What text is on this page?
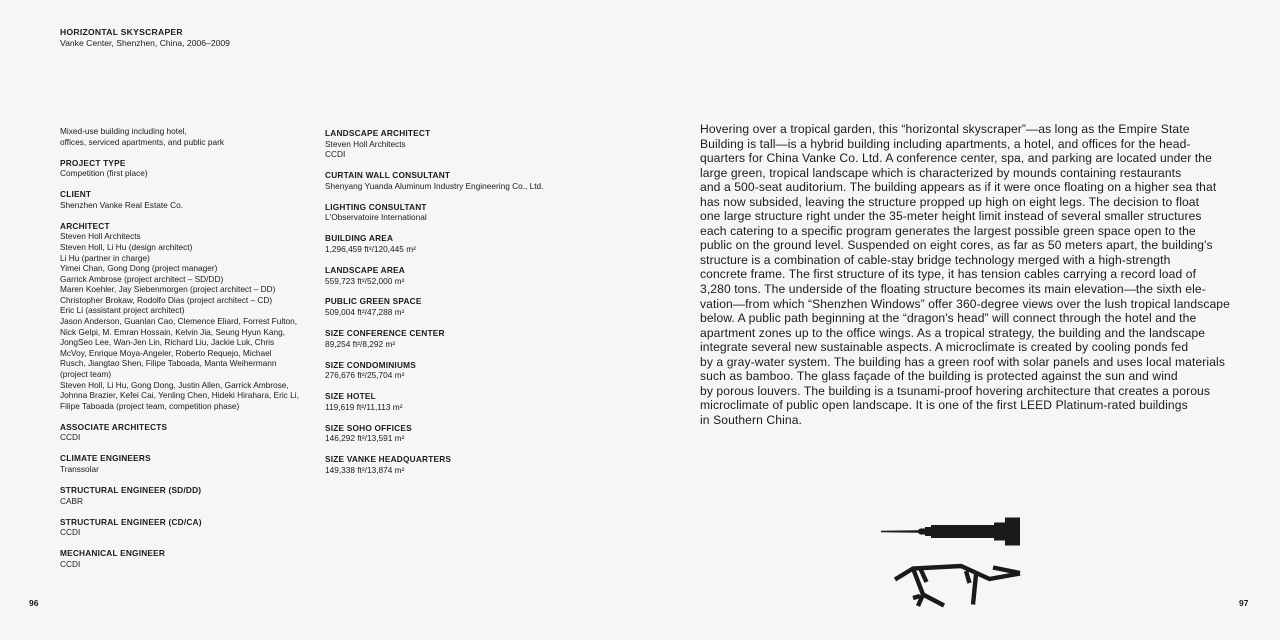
HORIZONTAL SKYSCRAPER
Vanke Center, Shenzhen, China, 2006–2009
Mixed-use building including hotel,
offices, serviced apartments, and public park
PROJECT TYPE
Competition (first place)
CLIENT
Shenzhen Vanke Real Estate Co.
ARCHITECT
Steven Holl Architects
Steven Holl, Li Hu (design architect)
Li Hu (partner in charge)
Yimei Chan, Gong Dong (project manager)
Garrick Ambrose (project architect – SD/DD)
Maren Koehler, Jay Siebenmorgen (project architect – DD)
Christopher Brokaw, Rodolfo Dias (project architect – CD)
Eric Li (assistant project architect)
Jason Anderson, Guanlan Cao, Clemence Eliard, Forrest Fulton,
Nick Gelpi, M. Emran Hossain, Kelvin Jia, Seung Hyun Kang,
JongSeo Lee, Wan-Jen Lin, Richard Liu, Jackie Luk, Chris
McVoy, Enrique Moya-Angeler, Roberto Requejo, Michael
Rusch, Jiangtao Shen, Filipe Taboada, Manta Weihermann
(project team)
Steven Holl, Li Hu, Gong Dong, Justin Allen, Garrick Ambrose,
Johnna Brazier, Kefei Cai, Yenling Chen, Hideki Hirahara, Eric Li,
Filipe Taboada (project team, competition phase)
ASSOCIATE ARCHITECTS
CCDI
CLIMATE ENGINEERS
Transsolar
STRUCTURAL ENGINEER (SD/DD)
CABR
STRUCTURAL ENGINEER (CD/CA)
CCDI
MECHANICAL ENGINEER
CCDI
LANDSCAPE ARCHITECT
Steven Holl Architects
CCDI
CURTAIN WALL CONSULTANT
Shenyang Yuanda Aluminum Industry Engineering Co., Ltd.
LIGHTING CONSULTANT
L'Observatoire International
BUILDING AREA
1,296,459 ft²/120,445 m²
LANDSCAPE AREA
559,723 ft²/52,000 m²
PUBLIC GREEN SPACE
509,004 ft²/47,288 m²
SIZE CONFERENCE CENTER
89,254 ft²/8,292 m²
SIZE CONDOMINIUMS
276,676 ft²/25,704 m²
SIZE HOTEL
119,619 ft²/11,113 m²
SIZE SOHO OFFICES
146,292 ft²/13,591 m²
SIZE VANKE HEADQUARTERS
149,338 ft²/13,874 m²
Hovering over a tropical garden, this “horizontal skyscraper”—as long as the Empire State
Building is tall—is a hybrid building including apartments, a hotel, and offices for the head-
quarters for China Vanke Co. Ltd. A conference center, spa, and parking are located under the
large green, tropical landscape which is characterized by mounds containing restaurants
and a 500-seat auditorium. The building appears as if it were once floating on a higher sea that
has now subsided, leaving the structure propped up high on eight legs. The decision to float
one large structure right under the 35-meter height limit instead of several smaller structures
each catering to a specific program generates the largest possible green space open to the
public on the ground level. Suspended on eight cores, as far as 50 meters apart, the building's
structure is a combination of cable-stay bridge technology merged with a high-strength
concrete frame. The first structure of its type, it has tension cables carrying a record load of
3,280 tons. The underside of the floating structure becomes its main elevation—the sixth ele-
vation—from which “Shenzhen Windows” offer 360-degree views over the lush tropical landscape
below. A public path beginning at the “dragon's head” will connect through the hotel and the
apartment zones up to the office wings. As a tropical strategy, the building and the landscape
integrate several new sustainable aspects. A microclimate is created by cooling ponds fed
by a gray-water system. The building has a green roof with solar panels and uses local materials
such as bamboo. The glass façade of the building is protected against the sun and wind
by porous louvers. The building is a tsunami-proof hovering architecture that creates a porous
microclimate of public open landscape. It is one of the first LEED Platinum-rated buildings
in Southern China.
96	97
